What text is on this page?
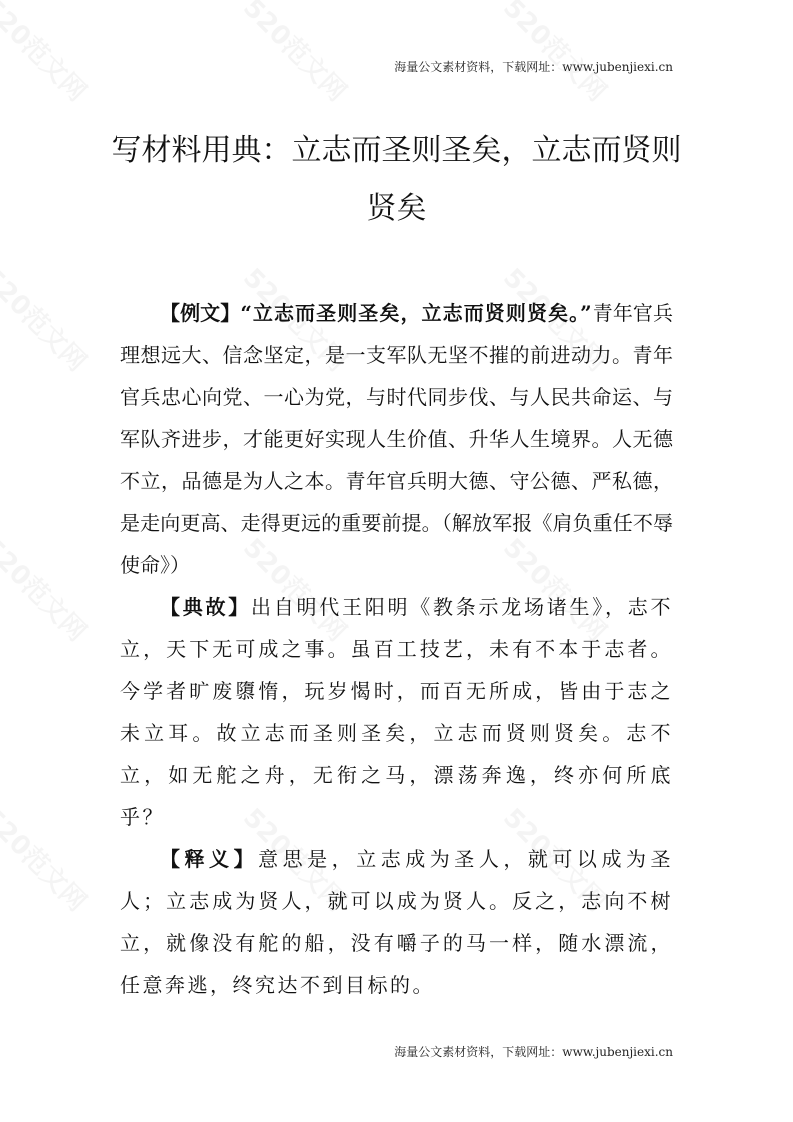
海量公文素材资料，下载网址：www.jubenjiexi.cn
写材料用典：立志而圣则圣矣，立志而贤则贤矣

【例文】“立志而圣则圣矣，立志而贤则贤矣。”青年官兵理想远大、信念坚定，是一支军队无坚不摧的前进动力。青年官兵忠心向党、一心为党，与时代同步伐、与人民共命运、与军队齐进步，才能更好实现人生价值、升华人生境界。人无德不立，品德是为人之本。青年官兵明大德、守公德、严私德，是走向更高、走得更远的重要前提。（解放军报《肩负重任不辱使命》）

【典故】出自明代王阳明《教条示龙场诸生》，志不立，天下无可成之事。虽百工技艺，未有不本于志者。今学者旷废隳惰，玩岁愒时，而百无所成，皆由于志之未立耳。故立志而圣则圣矣，立志而贤则贤矣。志不立，如无舵之舟，无衔之马，漂荡奔逸，终亦何所底乎？

【释义】意思是，立志成为圣人，就可以成为圣人；立志成为贤人，就可以成为贤人。反之，志向不树立，就像没有舵的船，没有嚼子的马一样，随水漂流，任意奔逃，终究达不到目标的。

海量公文素材资料，下载网址：www.jubenjiexi.cn
